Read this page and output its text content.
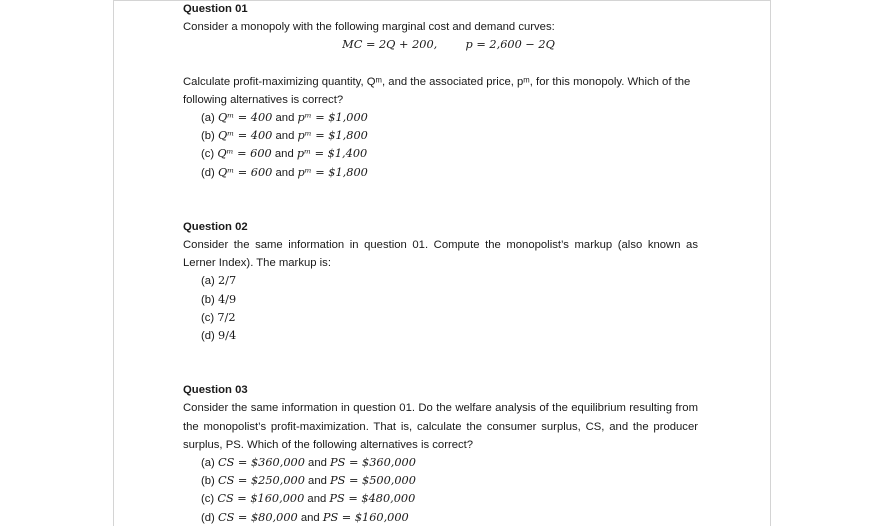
Question 01
Consider a monopoly with the following marginal cost and demand curves:
MC = 2Q + 200,	p = 2,600 − 2Q
Calculate profit-maximizing quantity, Qᵐ, and the associated price, pᵐ, for this monopoly. Which of the following alternatives is correct?
(a) Qᵐ = 400 and pᵐ = $1,000
(b) Qᵐ = 400 and pᵐ = $1,800
(c) Qᵐ = 600 and pᵐ = $1,400
(d) Qᵐ = 600 and pᵐ = $1,800
Question 02
Consider the same information in question 01. Compute the monopolist’s markup (also known as Lerner Index). The markup is:
(a) 2/7
(b) 4/9
(c) 7/2
(d) 9/4
Question 03
Consider the same information in question 01. Do the welfare analysis of the equilibrium resulting from the monopolist’s profit-maximization. That is, calculate the consumer surplus, CS, and the producer surplus, PS. Which of the following alternatives is correct?
(a) CS = $360,000 and PS = $360,000
(b) CS = $250,000 and PS = $500,000
(c) CS = $160,000 and PS = $480,000
(d) CS = $80,000 and PS = $160,000
